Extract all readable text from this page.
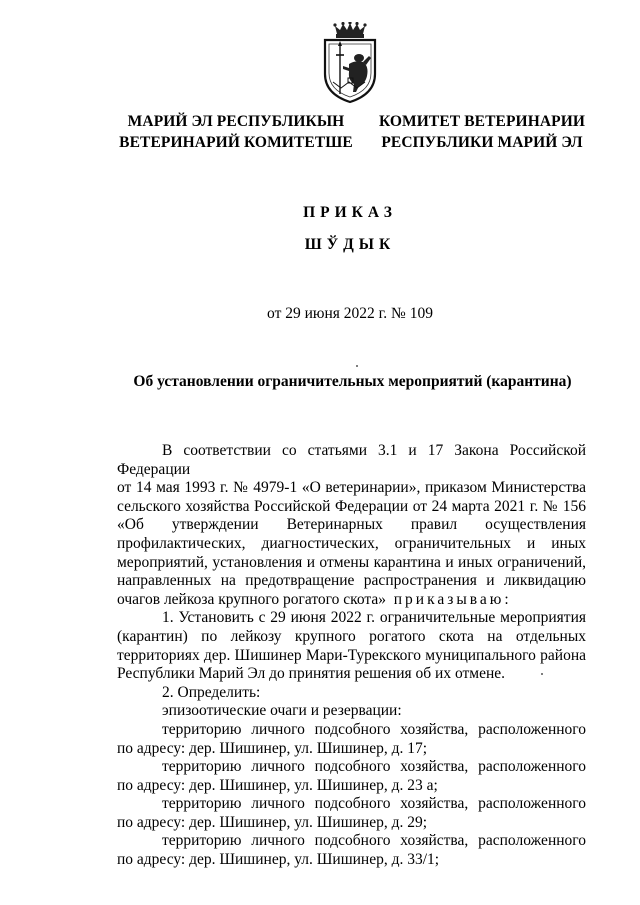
МАРИЙ ЭЛ РЕСПУБЛИКЫН
ВЕТЕРИНАРИЙ КОМИТЕТШЕ
КОМИТЕТ ВЕТЕРИНАРИИ
РЕСПУБЛИКИ МАРИЙ ЭЛ
ПРИКАЗ
ШЎДЫК
от 29 июня 2022 г. № 109
Об установлении ограничительных мероприятий (карантина)
В соответствии со статьями 3.1 и 17 Закона Российской Федерации
от 14 мая 1993 г. № 4979-1 «О ветеринарии», приказом Министерства
сельского хозяйства Российской Федерации от 24 марта 2021 г. № 156
«Об утверждении Ветеринарных правил осуществления
профилактических, диагностических, ограничительных и иных
мероприятий, установления и отмены карантина и иных ограничений,
направленных на предотвращение распространения и ликвидацию
очагов лейкоза крупного рогатого скота» приказываю:
1. Установить с 29 июня 2022 г. ограничительные мероприятия
(карантин) по лейкозу крупного рогатого скота на отдельных
территориях дер. Шишинер Мари-Турекского муниципального района
Республики Марий Эл до принятия решения об их отмене.
2. Определить:
эпизоотические очаги и резервации:
территорию личного подсобного хозяйства, расположенного
по адресу: дер. Шишинер, ул. Шишинер, д. 17;
территорию личного подсобного хозяйства, расположенного
по адресу: дер. Шишинер, ул. Шишинер, д. 23 а;
территорию личного подсобного хозяйства, расположенного
по адресу: дер. Шишинер, ул. Шишинер, д. 29;
территорию личного подсобного хозяйства, расположенного
по адресу: дер. Шишинер, ул. Шишинер, д. 33/1;
